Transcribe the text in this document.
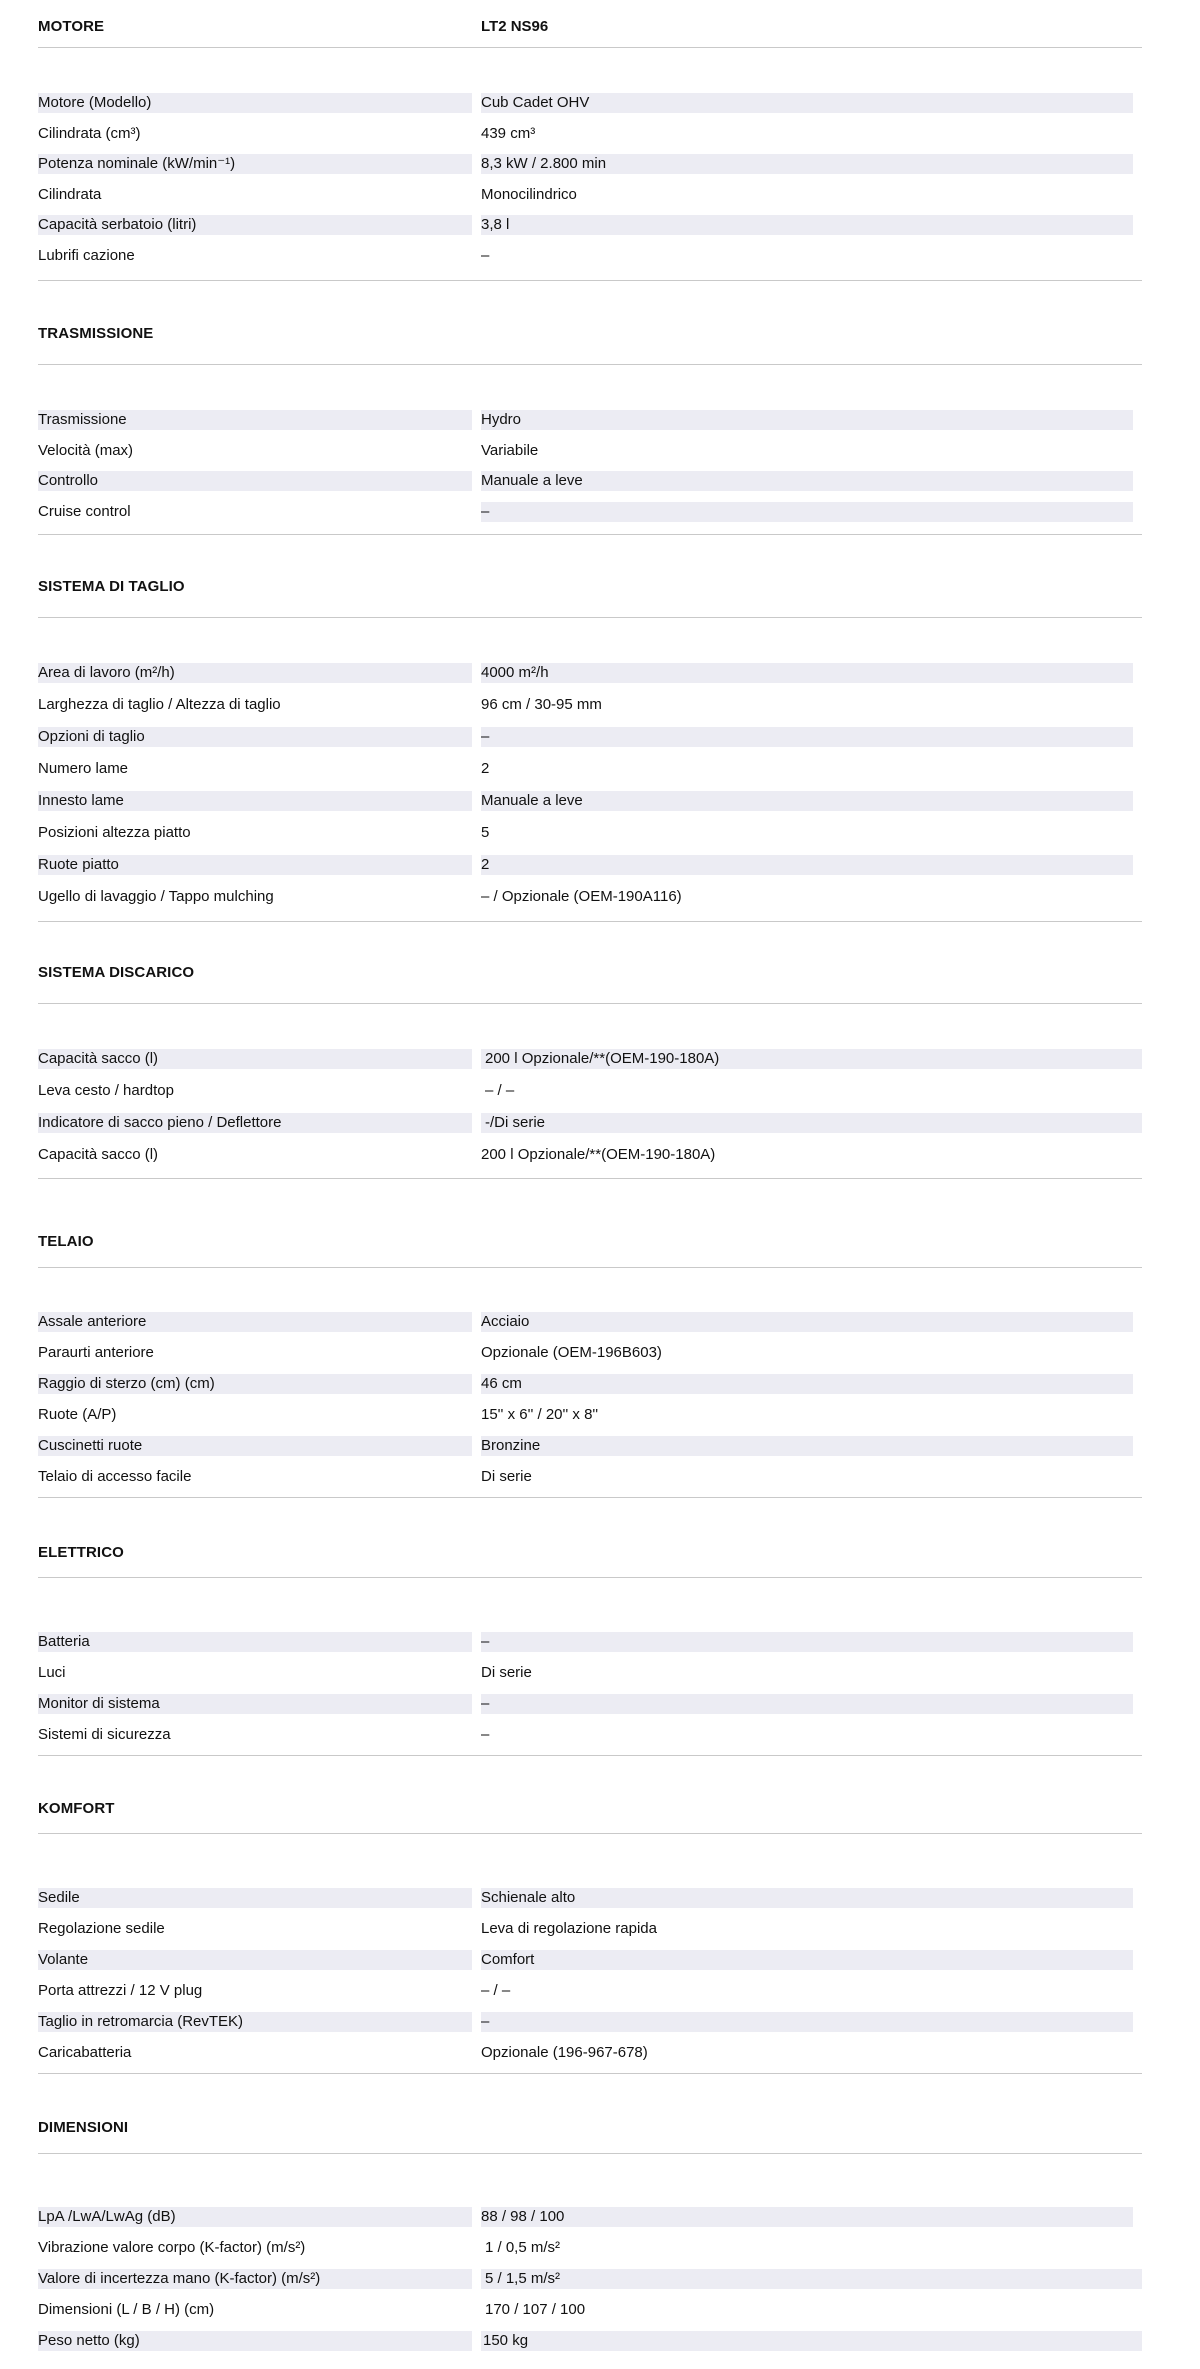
MOTORE	LT2 NS96
Motore (Modello)	Cub Cadet OHV
Cilindrata (cm³)	439 cm³
Potenza nominale (kW/min⁻¹)	8,3 kW / 2.800 min
Cilindrata	Monocilindrico
Capacità serbatoio (litri)	3,8 l
Lubrifi cazione	–
TRASMISSIONE
Trasmissione	Hydro
Velocità (max)	Variabile
Controllo	Manuale a leve
Cruise control	–
SISTEMA DI TAGLIO
Area di lavoro (m²/h)	4000 m²/h
Larghezza di taglio / Altezza di taglio	96 cm / 30-95 mm
Opzioni di taglio	–
Numero lame	2
Innesto lame	Manuale a leve
Posizioni altezza piatto	5
Ruote piatto	2
Ugello di lavaggio / Tappo mulching	– / Opzionale (OEM-190A116)
SISTEMA DISCARICO
Capacità sacco (l)	200 l Opzionale/**(OEM-190-180A)
Leva cesto / hardtop	– / –
Indicatore di sacco pieno / Deflettore	-/Di serie
Capacità sacco (l)	200 l Opzionale/**(OEM-190-180A)
TELAIO
Assale anteriore	Acciaio
Paraurti anteriore	Opzionale (OEM-196B603)
Raggio di sterzo (cm) (cm)	46 cm
Ruote (A/P)	15'' x 6'' / 20'' x 8''
Cuscinetti ruote	Bronzine
Telaio di accesso facile	Di serie
ELETTRICO
Batteria	–
Luci	Di serie
Monitor di sistema	–
Sistemi di sicurezza	–
KOMFORT
Sedile	Schienale alto
Regolazione sedile	Leva di regolazione rapida
Volante	Comfort
Porta attrezzi / 12 V plug	– / –
Taglio in retromarcia (RevTEK)	–
Caricabatteria	Opzionale (196-967-678)
DIMENSIONI
LpA /LwA/LwAg (dB)	88 / 98 / 100
Vibrazione valore corpo (K-factor) (m/s²)	1 / 0,5 m/s²
Valore di incertezza mano (K-factor) (m/s²)	5 / 1,5 m/s²
Dimensioni (L / B / H) (cm)	170 / 107 / 100
Peso netto (kg)	150 kg
